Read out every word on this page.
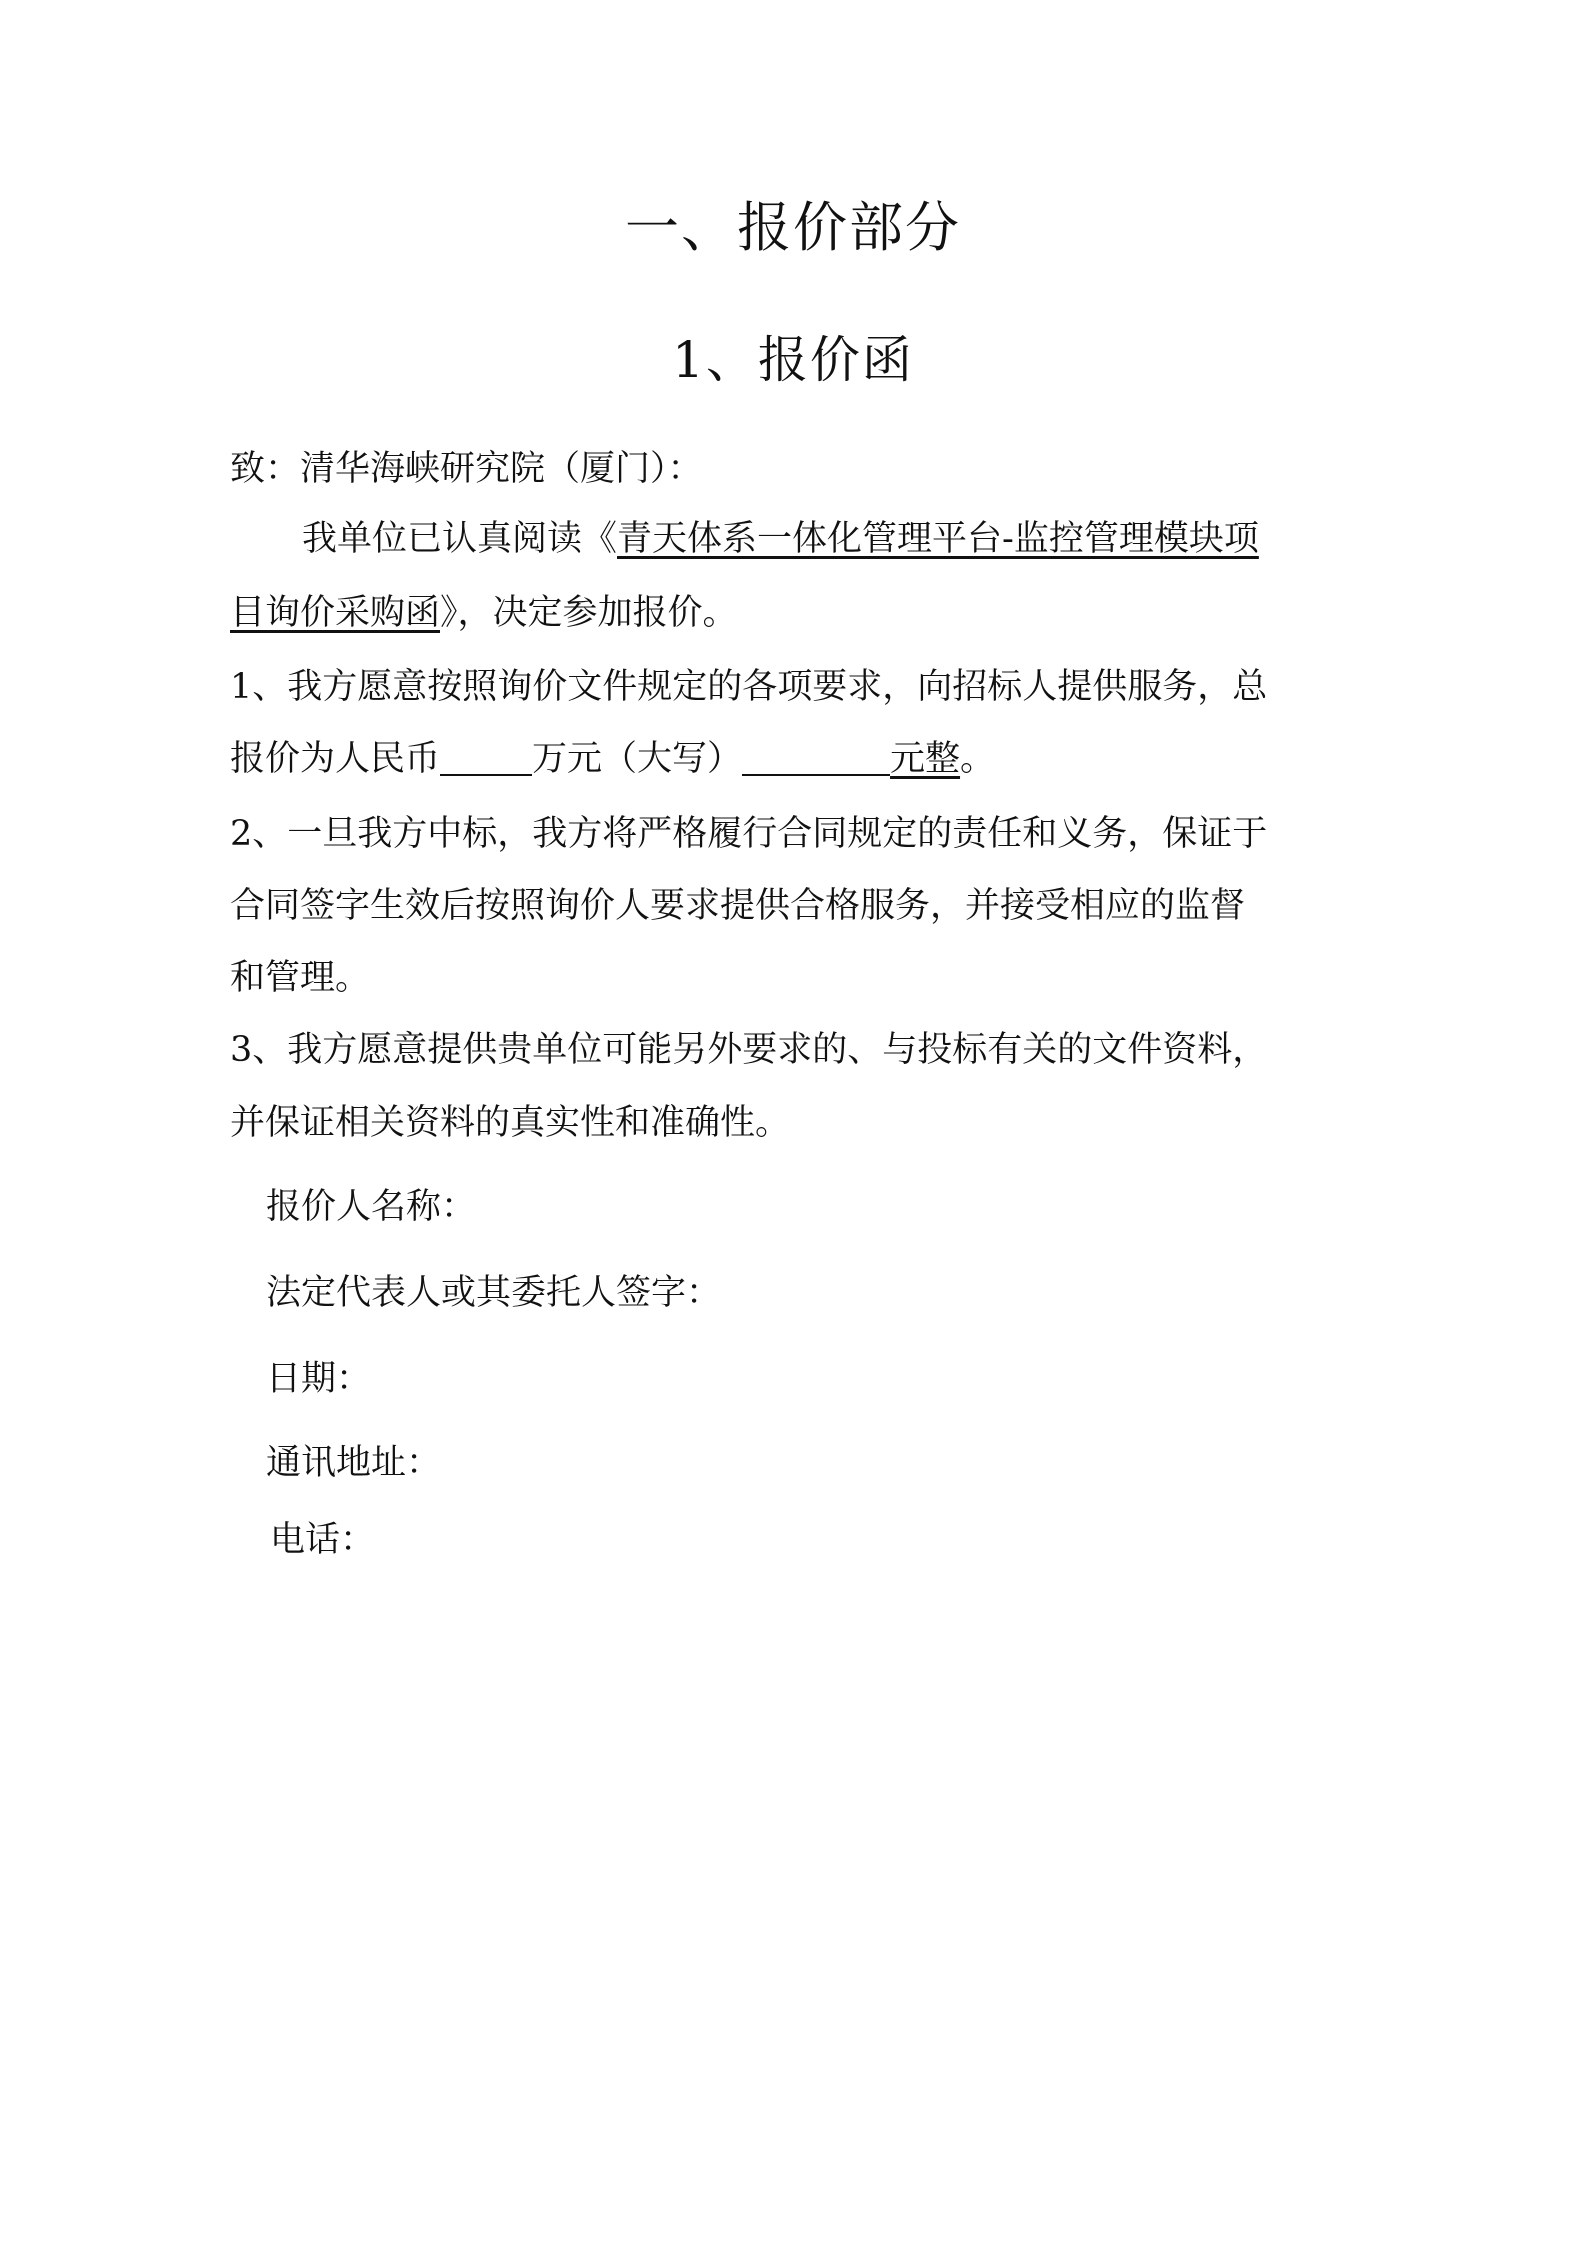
一、报价部分
1、报价函
致：清华海峡研究院（厦门）：
我单位已认真阅读《青天体系一体化管理平台-监控管理模块项
目询价采购函》，决定参加报价。
1、我方愿意按照询价文件规定的各项要求，向招标人提供服务，总
报价为人民币	万元（大写）	元整。
2、一旦我方中标，我方将严格履行合同规定的责任和义务，保证于
合同签字生效后按照询价人要求提供合格服务，并接受相应的监督
和管理。
3、我方愿意提供贵单位可能另外要求的、与投标有关的文件资料，
并保证相关资料的真实性和准确性。
报价人名称：
法定代表人或其委托人签字：
日期：
通讯地址：
电话：
